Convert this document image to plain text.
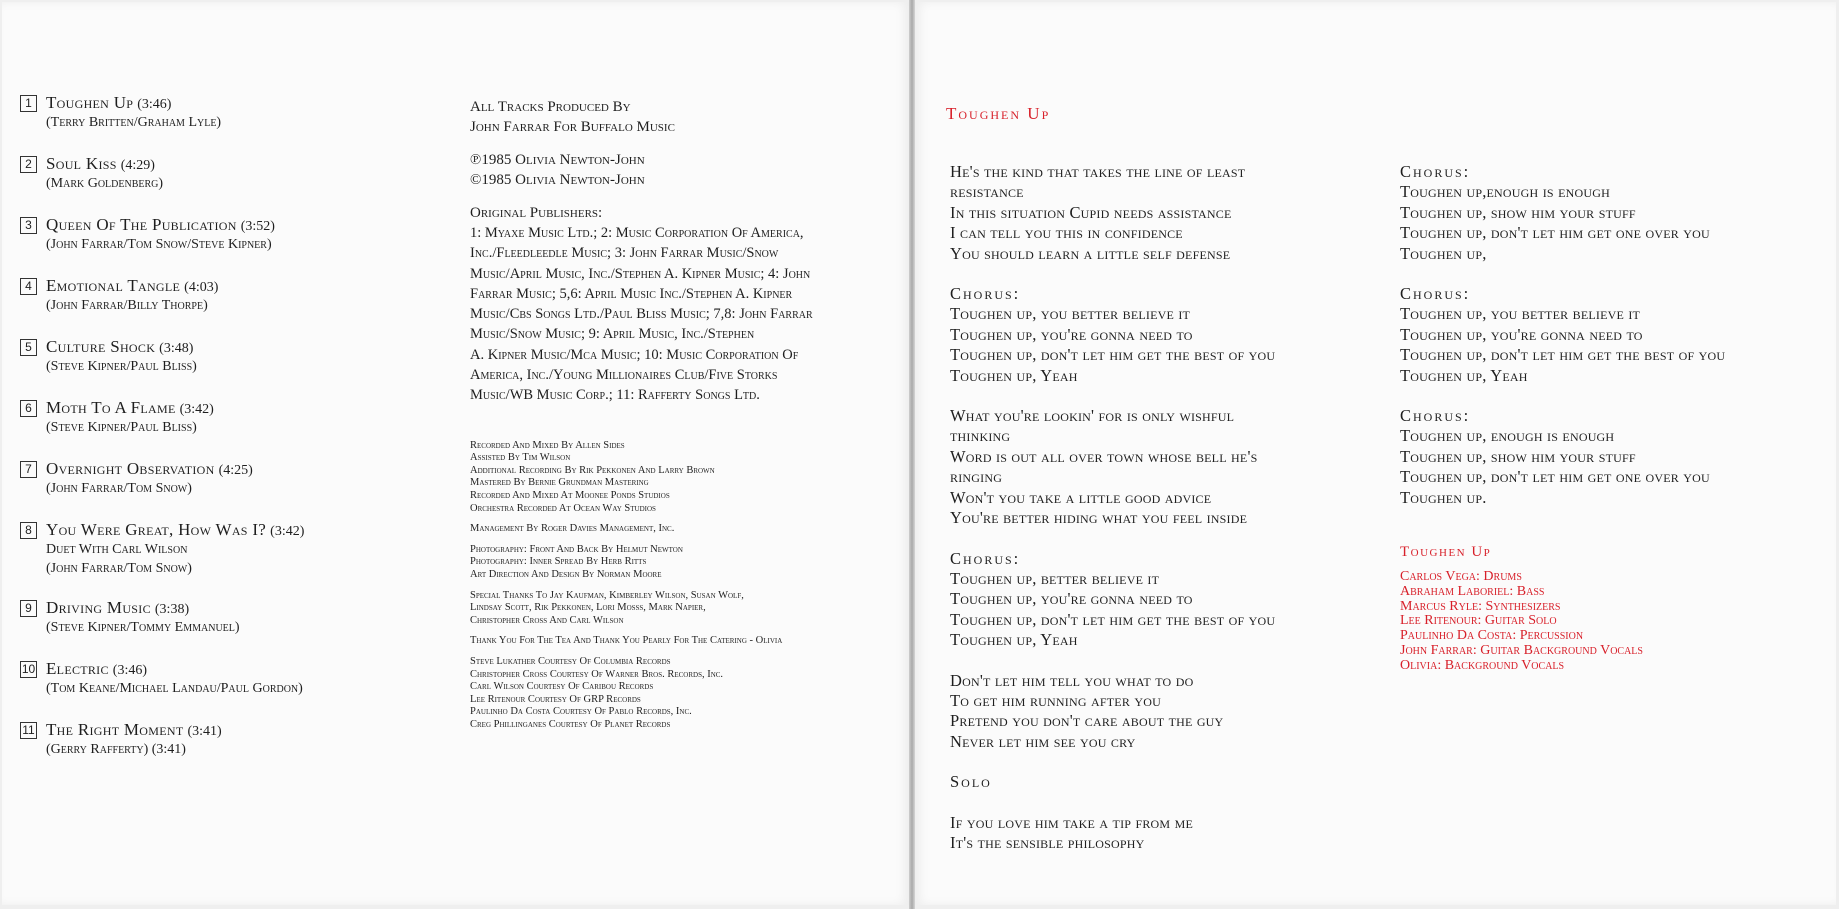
1 Toughen Up (3:46)
(Terry Britten/Graham Lyle)
2 Soul Kiss (4:29)
(Mark Goldenberg)
3 Queen Of The Publication (3:52)
(John Farrar/Tom Snow/Steve Kipner)
4 Emotional Tangle (4:03)
(John Farrar/Billy Thorpe)
5 Culture Shock (3:48)
(Steve Kipner/Paul Bliss)
6 Moth To A Flame (3:42)
(Steve Kipner/Paul Bliss)
7 Overnight Observation (4:25)
(John Farrar/Tom Snow)
8 You Were Great, How Was I? (3:42)
Duet With Carl Wilson
(John Farrar/Tom Snow)
9 Driving Music (3:38)
(Steve Kipner/Tommy Emmanuel)
10 Electric (3:46)
(Tom Keane/Michael Landau/Paul Gordon)
11 The Right Moment (3:41)
(Gerry Rafferty) (3:41)
All Tracks Produced By
John Farrar For Buffalo Music
℗1985 Olivia Newton-John
©1985 Olivia Newton-John
Original Publishers:
1: Myaxe Music Ltd.; 2: Music Corporation Of America,
Inc./Fleedleedle Music; 3: John Farrar Music/Snow
Music/April Music, Inc./Stephen A. Kipner Music; 4: John
Farrar Music; 5,6: April Music Inc./Stephen A. Kipner
Music/Cbs Songs Ltd./Paul Bliss Music; 7,8: John Farrar
Music/Snow Music; 9: April Music, Inc./Stephen
A. Kipner Music/Mca Music; 10: Music Corporation Of
America, Inc./Young Millionaires Club/Five Storks
Music/WB Music Corp.; 11: Rafferty Songs Ltd.
Recorded And Mixed By Allen Sides
Assisted By Tim Wilson
Additional Recording By Rik Pekkonen And Larry Brown
Mastered By Bernie Grundman Mastering
Recorded And Mixed At Moonee Ponds Studios
Orchestra Recorded At Ocean Way Studios
Management By Roger Davies Management, Inc.
Photography: Front And Back By Helmut Newton
Photography: Inner Spread By Herb Ritts
Art Direction And Design By Norman Moore
Special Thanks To Jay Kaufman, Kimberley Wilson, Susan Wolf,
Lindsay Scott, Rik Pekkonen, Lori Mosss, Mark Napier,
Christopher Cross And Carl Wilson
Thank You For The Tea And Thank You Pearly For The Catering - Olivia
Steve Lukather Courtesy Of Columbia Records
Christopher Cross Courtesy Of Warner Bros. Records, Inc.
Carl Wilson Courtesy Of Caribou Records
Lee Ritenour Courtesy Of GRP Records
Paulinho Da Costa Courtesy Of Pablo Records, Inc.
Creg Phillinganes Courtesy Of Planet Records
Toughen Up
He's the kind that takes the line of least
resistance
In this situation Cupid needs assistance
I can tell you this in confidence
You should learn a little self defense
Chorus:
Toughen up, you better believe it
Toughen up, you're gonna need to
Toughen up, don't let him get the best of you
Toughen up, Yeah
What you're lookin' for is only wishful
thinking
Word is out all over town whose bell he's
ringing
Won't you take a little good advice
You're better hiding what you feel inside
Chorus:
Toughen up, better believe it
Toughen up, you're gonna need to
Toughen up, don't let him get the best of you
Toughen up, Yeah
Don't let him tell you what to do
To get him running after you
Pretend you don't care about the guy
Never let him see you cry
Solo
If you love him take a tip from me
It's the sensible philosophy
Chorus:
Toughen up,enough is enough
Toughen up, show him your stuff
Toughen up, don't let him get one over you
Toughen up,
Chorus:
Toughen up, you better believe it
Toughen up, you're gonna need to
Toughen up, don't let him get the best of you
Toughen up, Yeah
Chorus:
Toughen up, enough is enough
Toughen up, show him your stuff
Toughen up, don't let him get one over you
Toughen up.
Toughen Up
Carlos Vega: Drums
Abraham Laboriel: Bass
Marcus Ryle: Synthesizers
Lee Ritenour: Guitar Solo
Paulinho Da Costa: Percussion
John Farrar: Guitar Background Vocals
Olivia: Background Vocals
